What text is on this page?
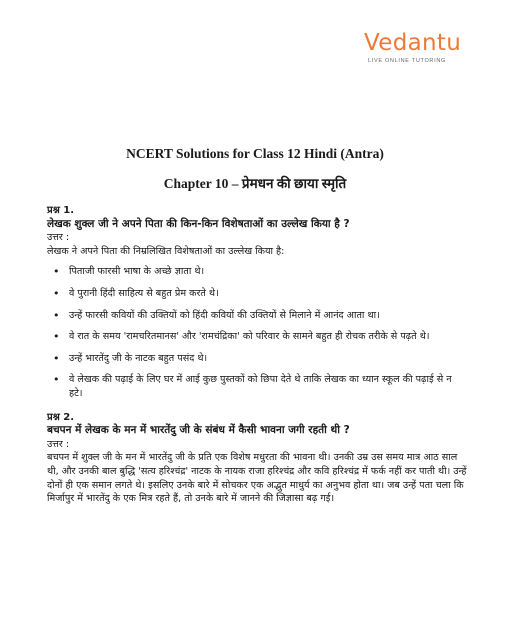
Vedantu
LIVE ONLINE TUTORING
NCERT Solutions for Class 12 Hindi (Antra)
Chapter 10 – प्रेमधन की छाया स्मृति

प्रश्न 1.

लेखक शुक्ल जी ने अपने पिता की किन-किन विशेषताओं का उल्लेख किया है ?

उत्तर :

लेखक ने अपने पिता की निम्रलिखित विशेषताओं का उल्लेख किया है:

• पिताजी फारसी भाषा के अच्छे ज्ञाता थे।
• वे पुरानी हिंदी साहित्य से बहुत प्रेम करते थे।
• उन्हें फारसी कवियों की उक्तियों को हिंदी कवियों की उक्तियों से मिलाने में आनंद आता था।
• वे रात के समय 'रामचरितमानस' और 'रामचंद्रिका' को परिवार के सामने बहुत ही रोचक तरीके से पढ़ते थे।
• उन्हें भारतेंदु जी के नाटक बहुत पसंद थे।
• वे लेखक की पढ़ाई के लिए घर में आई कुछ पुस्तकों को छिपा देते थे ताकि लेखक का ध्यान स्कूल की पढ़ाई से न हटे।

प्रश्न 2.

बचपन में लेखक के मन में भारतेंदु जी के संबंध में कैसी भावना जगी रहती थी ?

उत्तर :

बचपन में शुक्ल जी के मन में भारतेंदु जी के प्रति एक विशेष मधुरता की भावना थी। उनकी उम्र उस समय मात्र आठ साल थी, और उनकी बाल बुद्धि 'सत्य हरिश्चंद्र' नाटक के नायक राजा हरिश्चंद्र और कवि हरिश्चंद्र में फर्क नहीं कर पाती थी। उन्हें दोनों ही एक समान लगते थे। इसलिए उनके बारे में सोचकर एक अद्भुत माधुर्य का अनुभव होता था। जब उन्हें पता चला कि मिर्जापुर में भारतेंदु के एक मित्र रहते हैं, तो उनके बारे में जानने की जिज्ञासा बढ़ गई।
